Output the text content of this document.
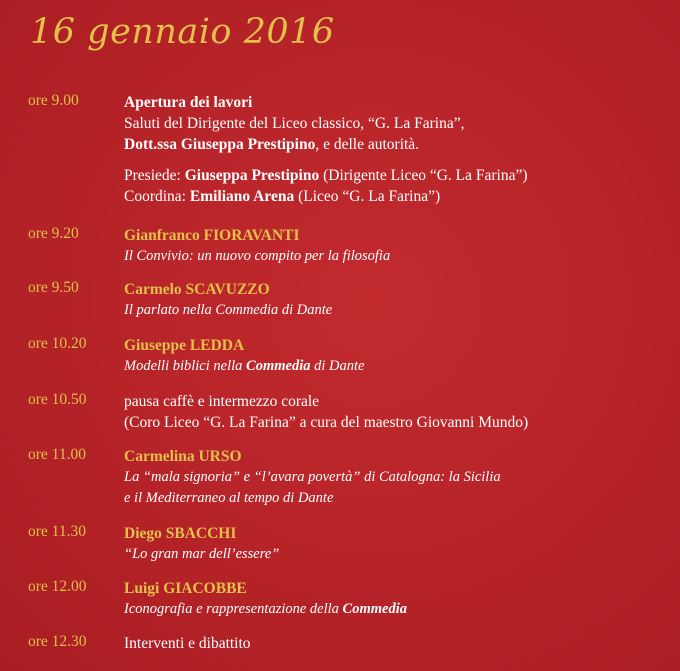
16 gennaio 2016
ore 9.00	Apertura dei lavori
Saluti del Dirigente del Liceo classico, “G. La Farina”,
Dott.ssa Giuseppa Prestipino, e delle autorità.
Presiede: Giuseppa Prestipino (Dirigente Liceo “G. La Farina”)
Coordina: Emiliano Arena (Liceo “G. La Farina”)
ore 9.20	Gianfranco FIORAVANTI
Il Convivio: un nuovo compito per la filosofia
ore 9.50	Carmelo SCAVUZZO
Il parlato nella Commedia di Dante
ore 10.20 Giuseppe LEDDA
Modelli biblici nella Commedia di Dante
ore 10.50 pausa caffè e intermezzo corale
(Coro Liceo “G. La Farina” a cura del maestro Giovanni Mundo)
ore 11.00 Carmelina URSO
La “mala signoria” e “l’avara povertà” di Catalogna: la Sicilia
e il Mediterraneo al tempo di Dante
ore 11.30 Diego SBACCHI
“Lo gran mar dell’essere”
ore 12.00 Luigi GIACOBBE
Iconografia e rappresentazione della Commedia
ore 12.30 Interventi e dibattito
